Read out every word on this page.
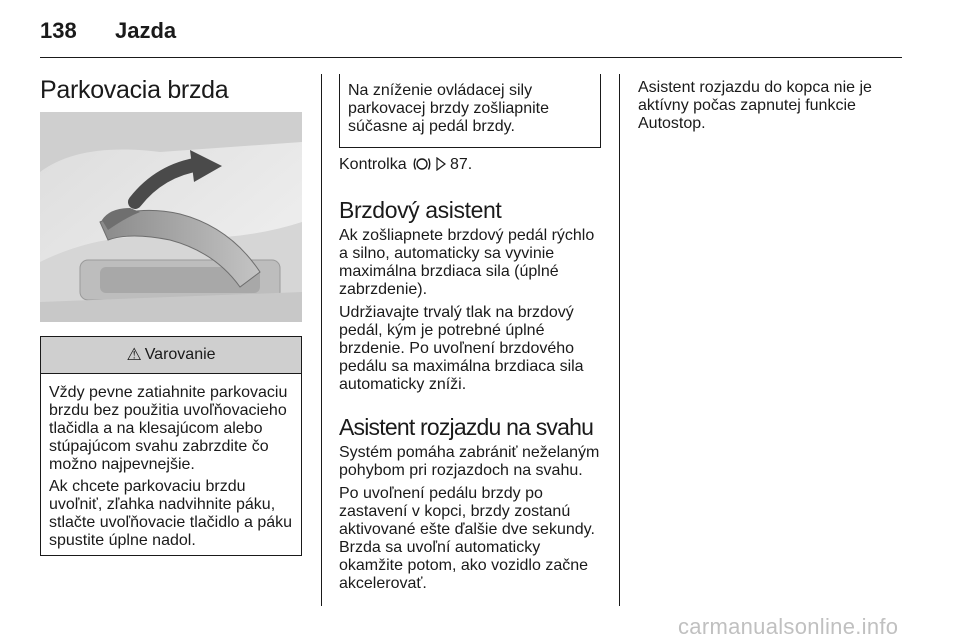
138 Jazda
Parkovacia brzda
⚠ Varovanie
Vždy pevne zatiahnite parkovaciu
brzdu bez použitia uvoľňovacieho
tlačidla a na klesajúcom alebo
stúpajúcom svahu zabrzdite čo
možno najpevnejšie.
Ak chcete parkovaciu brzdu
uvoľniť, zľahka nadvihnite páku,
stlačte uvoľňovacie tlačidlo a páku
spustite úplne nadol.
Na zníženie ovládacej sily
parkovacej brzdy zošliapnite
súčasne aj pedál brzdy.
Kontrolka	87.
Brzdový asistent
Ak zošliapnete brzdový pedál rýchlo
a silno, automaticky sa vyvinie
maximálna brzdiaca sila (úplné
zabrzdenie).
Udržiavajte trvalý tlak na brzdový
pedál, kým je potrebné úplné
brzdenie. Po uvoľnení brzdového
pedálu sa maximálna brzdiaca sila
automaticky zníži.
Asistent rozjazdu na svahu
Systém pomáha zabrániť neželaným
pohybom pri rozjazdoch na svahu.
Po uvoľnení pedálu brzdy po
zastavení v kopci, brzdy zostanú
aktivované ešte ďalšie dve sekundy.
Brzda sa uvoľní automaticky
okamžite potom, ako vozidlo začne
akcelerovať.
Asistent rozjazdu do kopca nie je
aktívny počas zapnutej funkcie
Autostop.
carmanualsonline.info
